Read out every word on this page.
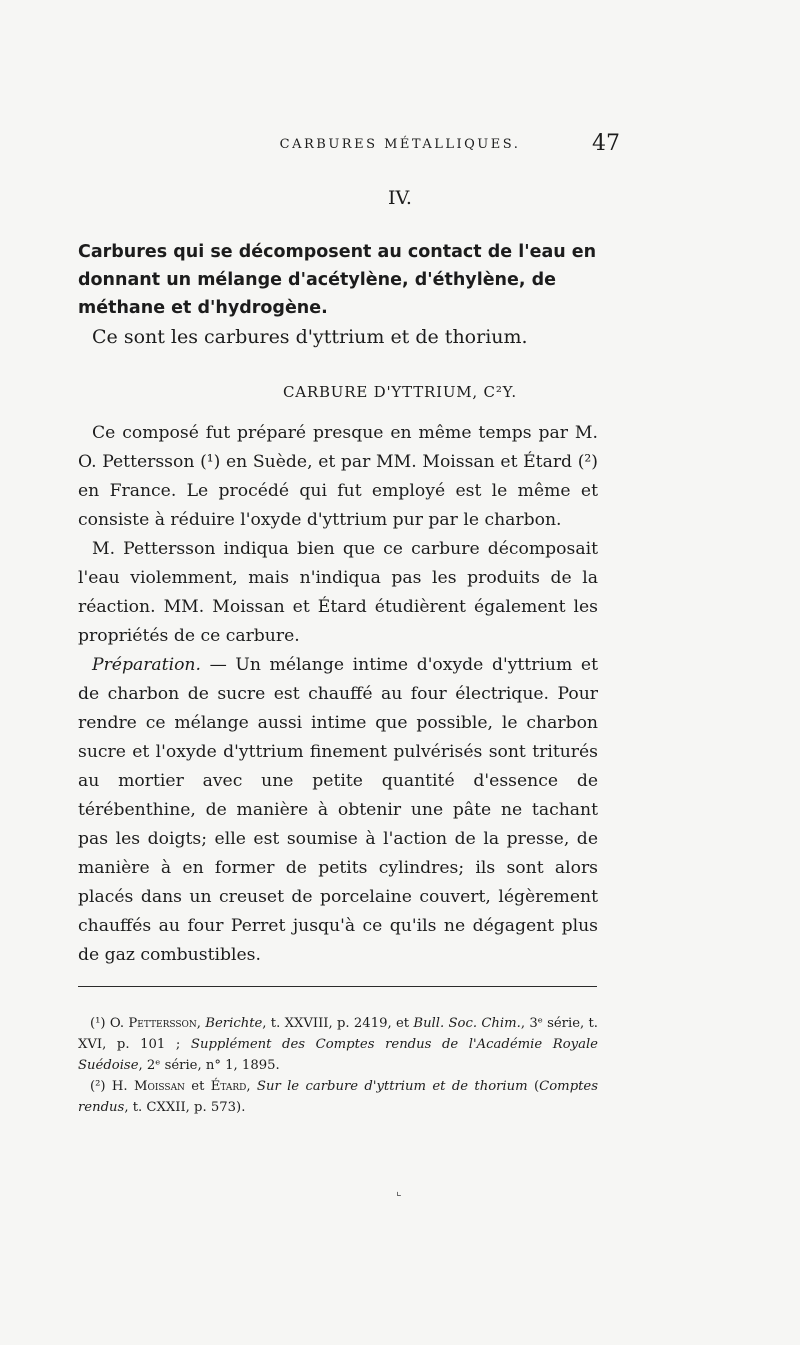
CARBURES MÉTALLIQUES.	47
IV.
Carbures qui se décomposent au contact de l'eau en donnant un mélange d'acétylène, d'éthylène, de méthane et d'hydrogène.

Ce sont les carbures d'yttrium et de thorium.

CARBURE D'YTTRIUM, C²Y.

Ce composé fut préparé presque en même temps par M. O. Pettersson (¹) en Suède, et par MM. Moissan et Étard (²) en France. Le procédé qui fut employé est le même et consiste à réduire l'oxyde d'yttrium pur par le charbon.

M. Pettersson indiqua bien que ce carbure décomposait l'eau violemment, mais n'indiqua pas les produits de la réaction. MM. Moissan et Étard étudièrent également les propriétés de ce carbure.

Préparation. — Un mélange intime d'oxyde d'yttrium et de charbon de sucre est chauffé au four électrique. Pour rendre ce mélange aussi intime que possible, le charbon sucre et l'oxyde d'yttrium finement pulvérisés sont triturés au mortier avec une petite quantité d'essence de térébenthine, de manière à obtenir une pâte ne tachant pas les doigts; elle est soumise à l'action de la presse, de manière à en former de petits cylindres; ils sont alors placés dans un creuset de porcelaine couvert, légèrement chauffés au four Perret jusqu'à ce qu'ils ne dégagent plus de gaz combustibles.

(¹) O. Pettersson, Berichte, t. XXVIII, p. 2419, et Bull. Soc. Chim., 3ᵉ série, t. XVI, p. 101 ; Supplément des Comptes rendus de l'Académie Royale Suédoise, 2ᵉ série, n° 1, 1895.

(²) H. Moissan et Étard, Sur le carbure d'yttrium et de thorium (Comptes rendus, t. CXXII, p. 573).

⌞
